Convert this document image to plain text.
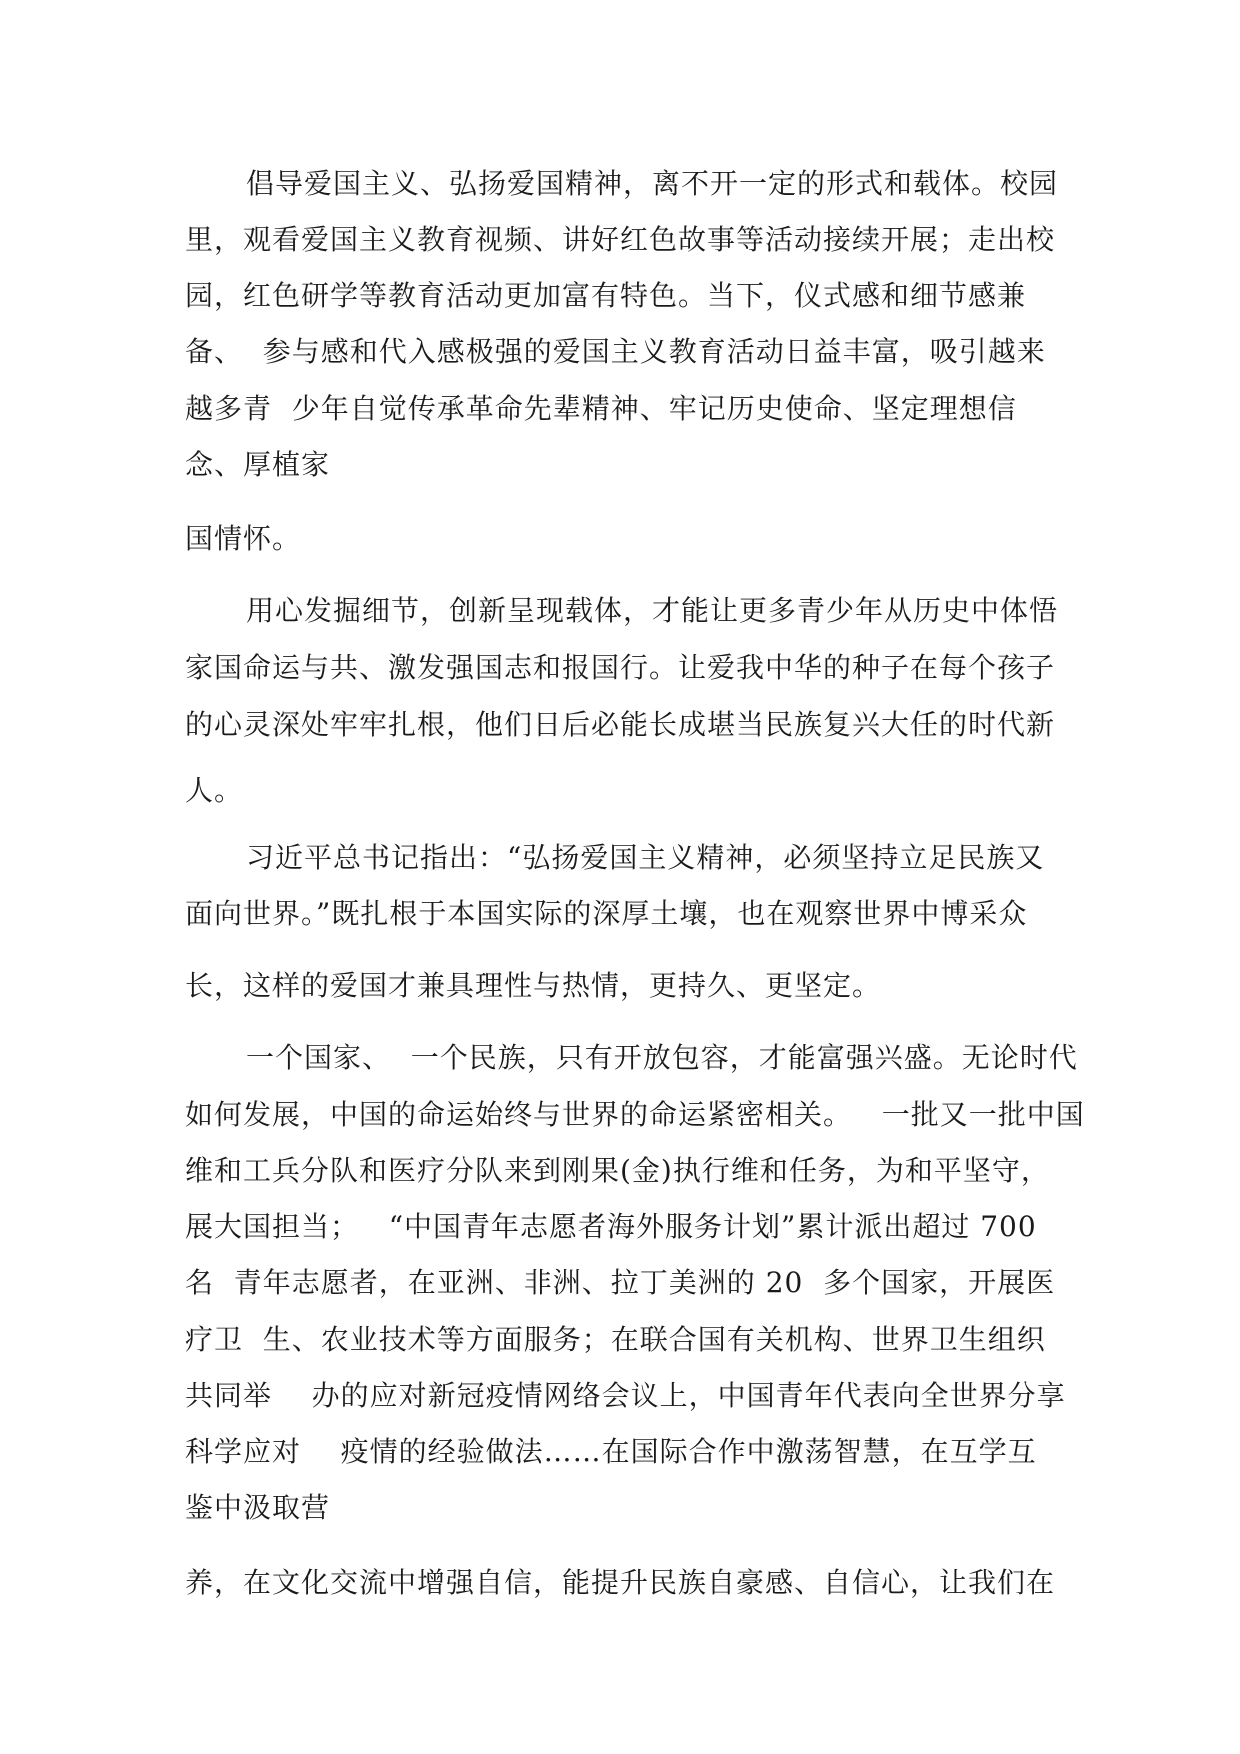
倡导爱国主义、弘扬爱国精神，离不开一定的形式和载体。校园
里，观看爱国主义教育视频、讲好红色故事等活动接续开展；走出校
园，红色研学等教育活动更加富有特色。当下，仪式感和细节感兼
备、  参与感和代入感极强的爱国主义教育活动日益丰富，吸引越来
越多青  少年自觉传承革命先辈精神、牢记历史使命、坚定理想信
念、厚植家
国情怀。
用心发掘细节，创新呈现载体，才能让更多青少年从历史中体悟
家国命运与共、激发强国志和报国行。让爱我中华的种子在每个孩子
的心灵深处牢牢扎根，他们日后必能长成堪当民族复兴大任的时代新
人。
习近平总书记指出：“弘扬爱国主义精神，必须坚持立足民族又
面向世界。”既扎根于本国实际的深厚土壤，也在观察世界中博采众
长，这样的爱国才兼具理性与热情，更持久、更坚定。
一个国家、  一个民族，只有开放包容，才能富强兴盛。无论时代
如何发展，中国的命运始终与世界的命运紧密相关。   一批又一批中国
维和工兵分队和医疗分队来到刚果(金)执行维和任务，为和平坚守，
展大国担当；   “中国青年志愿者海外服务计划”累计派出超过 700
名  青年志愿者，在亚洲、非洲、拉丁美洲的 20  多个国家，开展医
疗卫  生、农业技术等方面服务；在联合国有关机构、世界卫生组织
共同举    办的应对新冠疫情网络会议上，中国青年代表向全世界分享
科学应对    疫情的经验做法……在国际合作中激荡智慧，在互学互
鉴中汲取营
养，在文化交流中增强自信，能提升民族自豪感、自信心，让我们在
